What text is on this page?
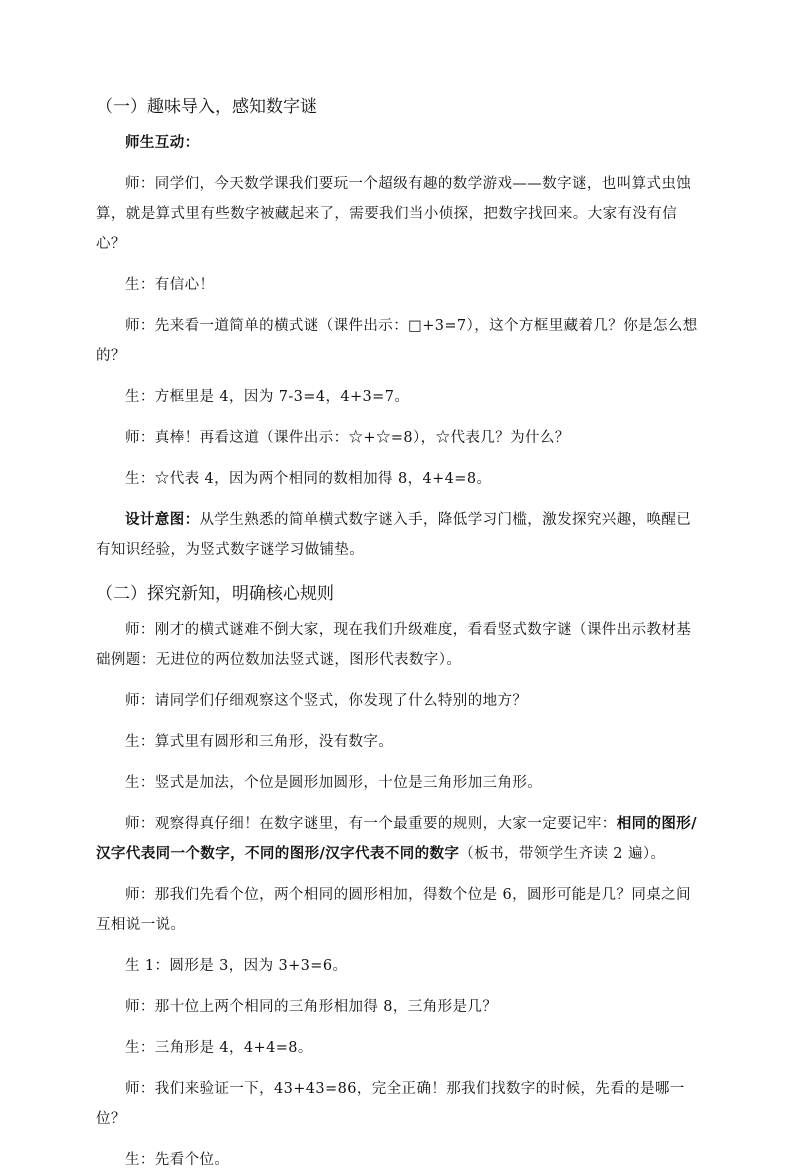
（一）趣味导入，感知数字谜

师生互动：

师：同学们，今天数学课我们要玩一个超级有趣的数学游戏——数字谜，也叫算式虫蚀算，就是算式里有些数字被藏起来了，需要我们当小侦探，把数字找回来。大家有没有信心？

生：有信心！

师：先来看一道简单的横式谜（课件出示：□+3=7），这个方框里藏着几？你是怎么想的？

生：方框里是 4，因为 7-3=4，4+3=7。

师：真棒！再看这道（课件出示：☆+☆=8），☆代表几？为什么？

生：☆代表 4，因为两个相同的数相加得 8，4+4=8。

设计意图：从学生熟悉的简单横式数字谜入手，降低学习门槛，激发探究兴趣，唤醒已有知识经验，为竖式数字谜学习做铺垫。

（二）探究新知，明确核心规则

师：刚才的横式谜难不倒大家，现在我们升级难度，看看竖式数字谜（课件出示教材基础例题：无进位的两位数加法竖式谜，图形代表数字）。

师：请同学们仔细观察这个竖式，你发现了什么特别的地方？

生：算式里有圆形和三角形，没有数字。

生：竖式是加法，个位是圆形加圆形，十位是三角形加三角形。

师：观察得真仔细！在数字谜里，有一个最重要的规则，大家一定要记牢：相同的图形/汉字代表同一个数字，不同的图形/汉字代表不同的数字（板书，带领学生齐读 2 遍）。

师：那我们先看个位，两个相同的圆形相加，得数个位是 6，圆形可能是几？同桌之间互相说一说。

生 1：圆形是 3，因为 3+3=6。

师：那十位上两个相同的三角形相加得 8，三角形是几？

生：三角形是 4，4+4=8。

师：我们来验证一下，43+43=86，完全正确！那我们找数字的时候，先看的是哪一位？

生：先看个位。
